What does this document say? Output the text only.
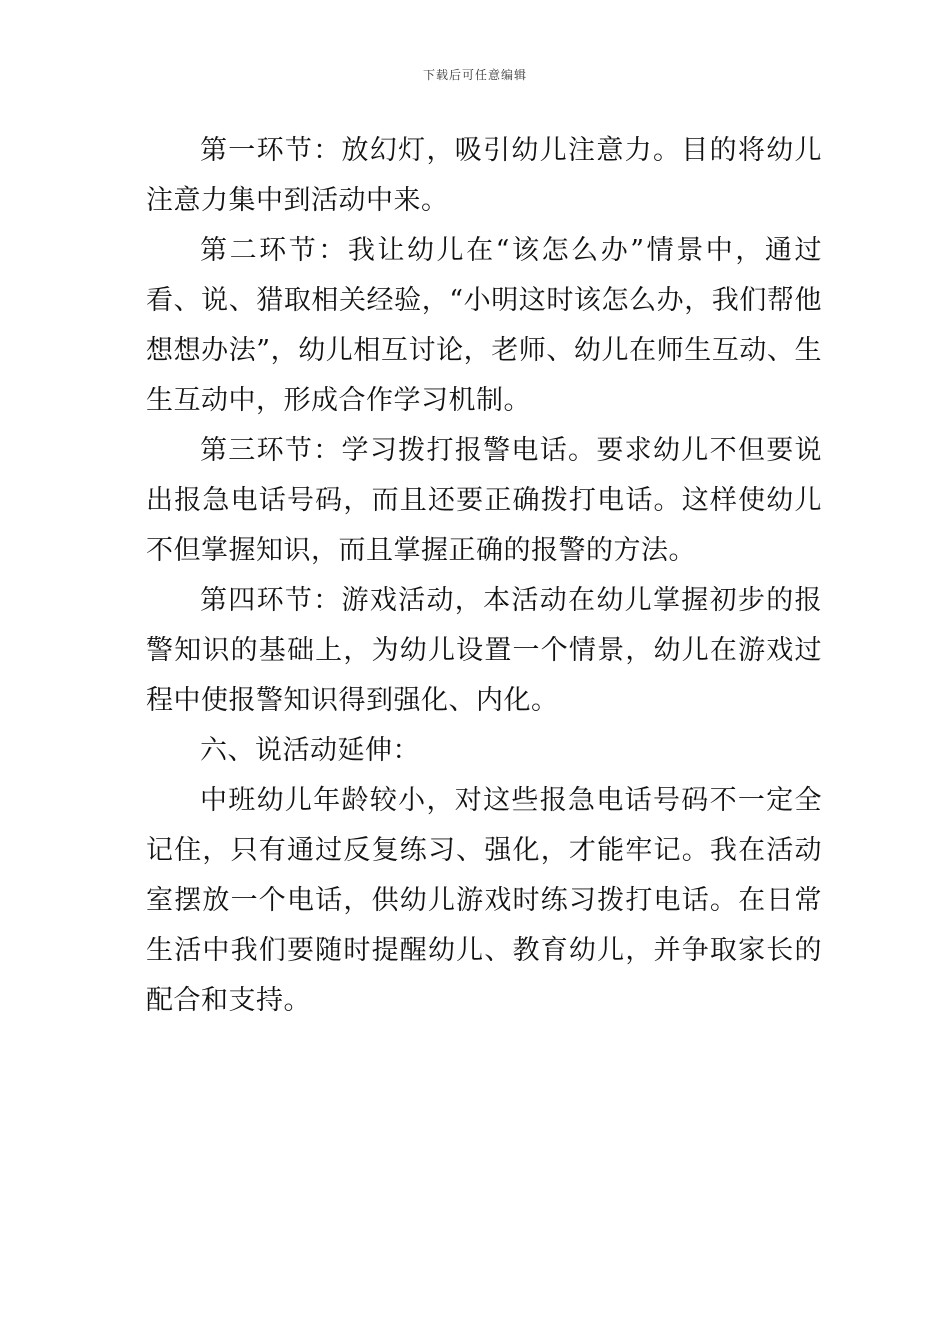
下载后可任意编辑

第一环节：放幻灯，吸引幼儿注意力。目的将幼儿注意力集中到活动中来。

第二环节：我让幼儿在“该怎么办”情景中，通过看、说、猎取相关经验，“小明这时该怎么办，我们帮他想想办法”，幼儿相互讨论，老师、幼儿在师生互动、生生互动中，形成合作学习机制。

第三环节：学习拨打报警电话。要求幼儿不但要说出报急电话号码，而且还要正确拨打电话。这样使幼儿不但掌握知识，而且掌握正确的报警的方法。

第四环节：游戏活动，本活动在幼儿掌握初步的报警知识的基础上，为幼儿设置一个情景，幼儿在游戏过程中使报警知识得到强化、内化。

六、说活动延伸：

中班幼儿年龄较小，对这些报急电话号码不一定全记住，只有通过反复练习、强化，才能牢记。我在活动室摆放一个电话，供幼儿游戏时练习拨打电话。在日常生活中我们要随时提醒幼儿、教育幼儿，并争取家长的配合和支持。
